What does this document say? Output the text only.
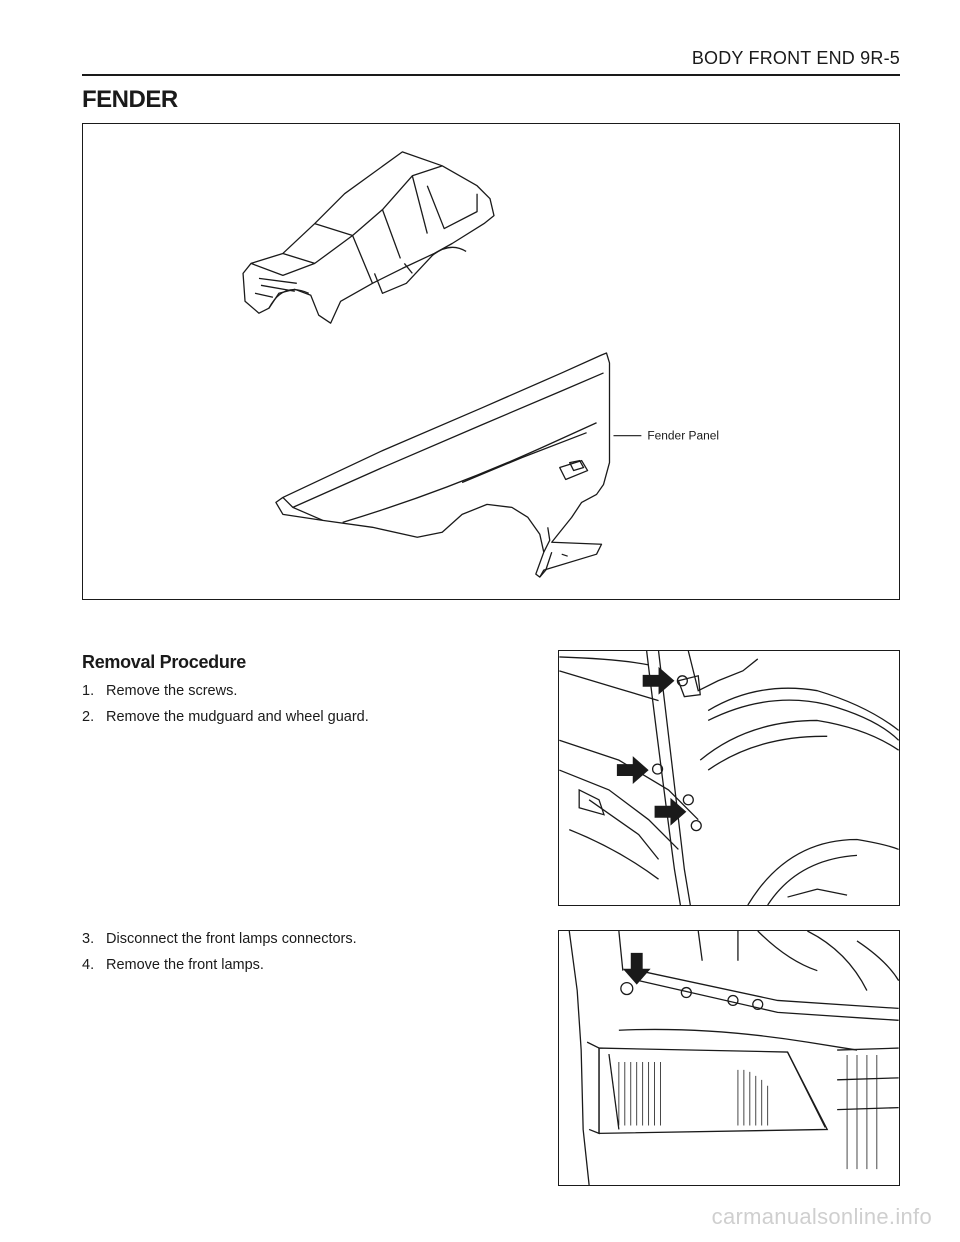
BODY FRONT END 9R-5
FENDER
Fender Panel
Removal Procedure
1. Remove the screws.
2. Remove the mudguard and wheel guard.
3. Disconnect the front lamps connectors.
4. Remove the front lamps.
carmanualsonline.info
